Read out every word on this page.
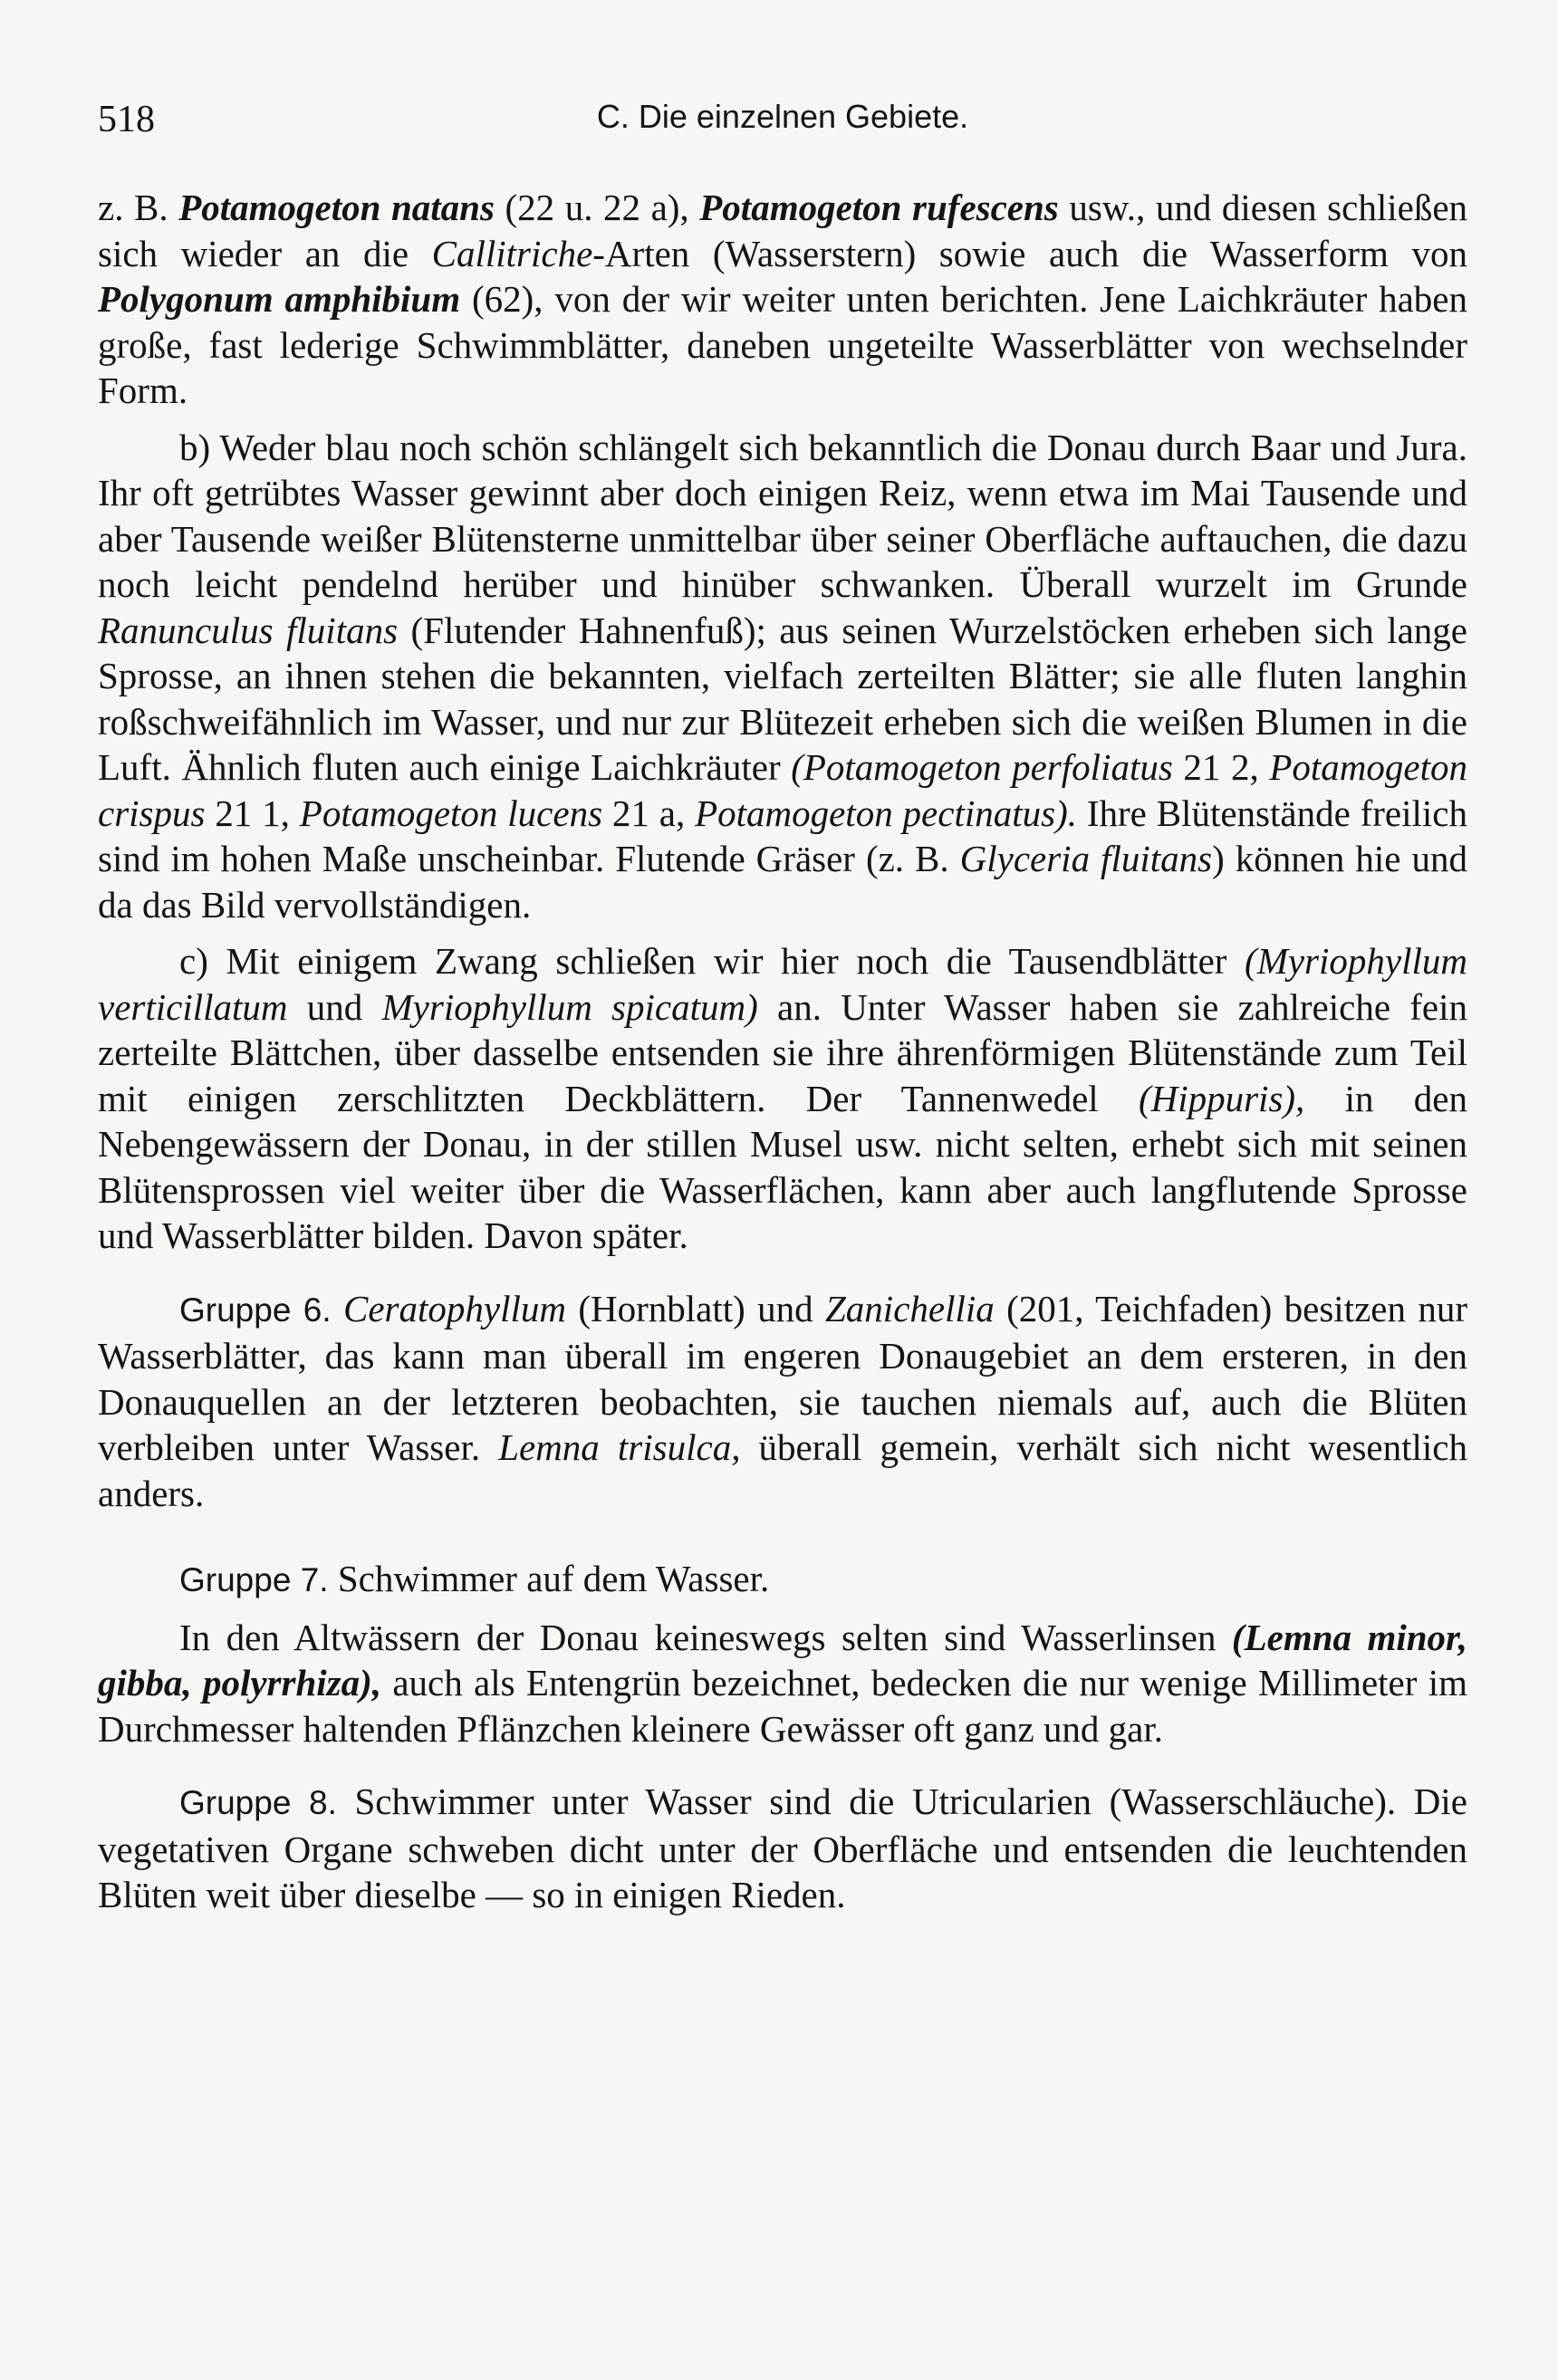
518	C. Die einzelnen Gebiete.

z. B. Potamogeton natans (22 u. 22 a), Potamogeton rufescens usw., und diesen schließen sich wieder an die Callitriche-Arten (Wasserstern) sowie auch die Wasserform von Polygonum amphibium (62), von der wir weiter unten berichten. Jene Laichkräuter haben große, fast lederige Schwimmblätter, daneben ungeteilte Wasserblätter von wechselnder Form.

b) Weder blau noch schön schlängelt sich bekanntlich die Donau durch Baar und Jura. Ihr oft getrübtes Wasser gewinnt aber doch einigen Reiz, wenn etwa im Mai Tausende und aber Tausende weißer Blütensterne unmittelbar über seiner Oberfläche auftauchen, die dazu noch leicht pendelnd herüber und hinüber schwanken. Überall wurzelt im Grunde Ranunculus fluitans (Flutender Hahnenfuß); aus seinen Wurzelstöcken erheben sich lange Sprosse, an ihnen stehen die bekannten, vielfach zerteilten Blätter; sie alle fluten langhin roßschweifähnlich im Wasser, und nur zur Blütezeit erheben sich die weißen Blumen in die Luft. Ähnlich fluten auch einige Laichkräuter (Potamogeton perfoliatus 21 2, Potamogeton crispus 21 1, Potamogeton lucens 21 a, Potamogeton pectinatus). Ihre Blütenstände freilich sind im hohen Maße unscheinbar. Flutende Gräser (z. B. Glyceria fluitans) können hie und da das Bild vervollständigen.

c) Mit einigem Zwang schließen wir hier noch die Tausendblätter (Myriophyllum verticillatum und Myriophyllum spicatum) an. Unter Wasser haben sie zahlreiche fein zerteilte Blättchen, über dasselbe entsenden sie ihre ährenförmigen Blütenstände zum Teil mit einigen zerschlitzten Deckblättern. Der Tannenwedel (Hippuris), in den Nebengewässern der Donau, in der stillen Musel usw. nicht selten, erhebt sich mit seinen Blütensprossen viel weiter über die Wasserflächen, kann aber auch langflutende Sprosse und Wasserblätter bilden. Davon später.

Gruppe 6. Ceratophyllum (Hornblatt) und Zanichellia (201, Teichfaden) besitzen nur Wasserblätter, das kann man überall im engeren Donaugebiet an dem ersteren, in den Donauquellen an der letzteren beobachten, sie tauchen niemals auf, auch die Blüten verbleiben unter Wasser. Lemna trisulca, überall gemein, verhält sich nicht wesentlich anders.

Gruppe 7. Schwimmer auf dem Wasser.

In den Altwässern der Donau keineswegs selten sind Wasserlinsen (Lemna minor, gibba, polyrrhiza), auch als Entengrün bezeichnet, bedecken die nur wenige Millimeter im Durchmesser haltenden Pflänzchen kleinere Gewässer oft ganz und gar.

Gruppe 8. Schwimmer unter Wasser sind die Utricularien (Wasserschläuche). Die vegetativen Organe schweben dicht unter der Oberfläche und entsenden die leuchtenden Blüten weit über dieselbe — so in einigen Rieden.
